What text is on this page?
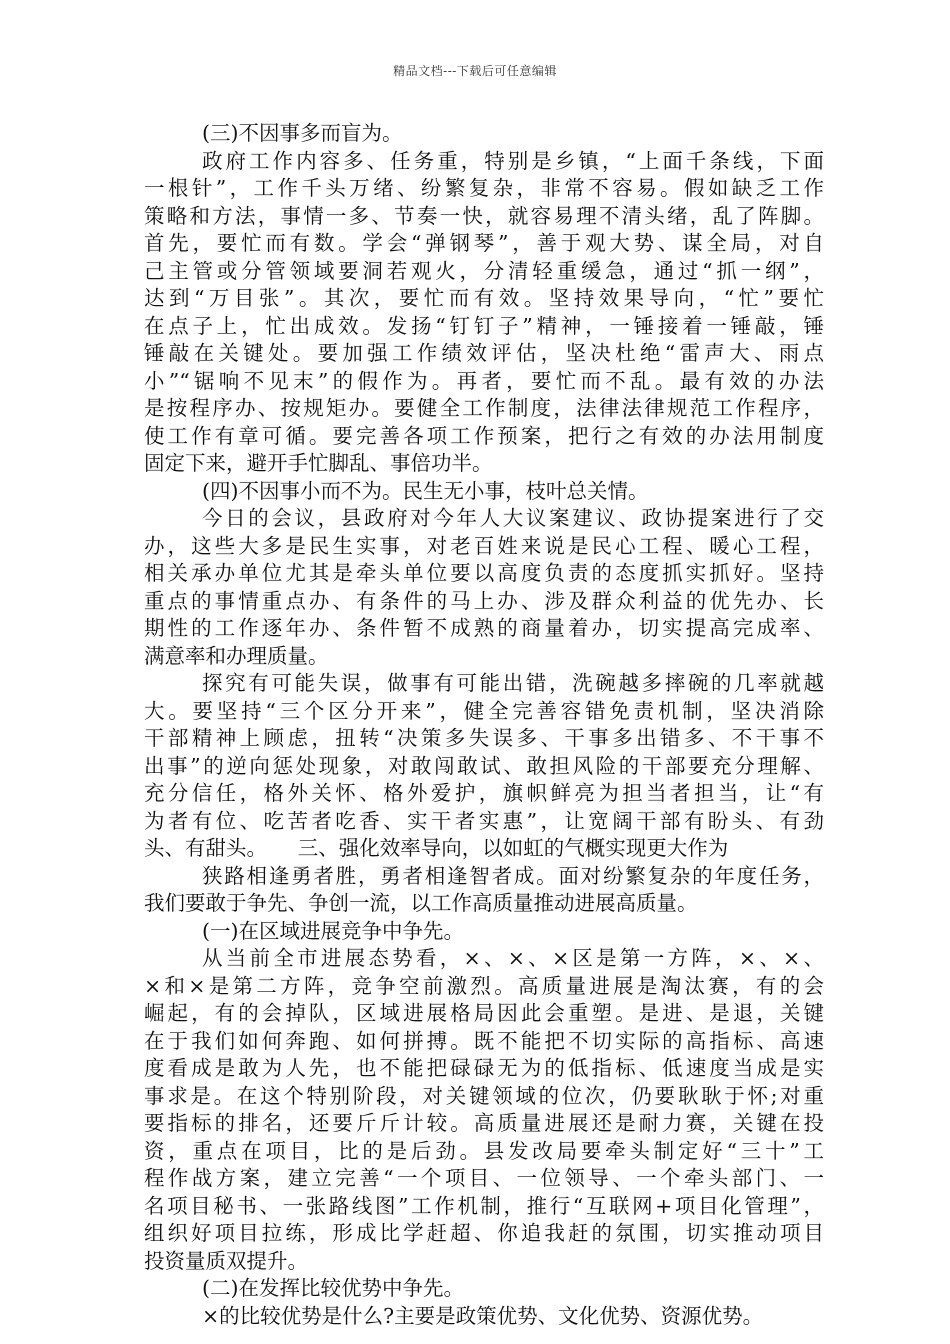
精品文档---下载后可任意编辑
(三)不因事多而盲为。
政府工作内容多、任务重，特别是乡镇，“上面千条线，下面
一根针”，工作千头万绪、纷繁复杂，非常不容易。假如缺乏工作
策略和方法，事情一多、节奏一快，就容易理不清头绪，乱了阵脚。
首先，要忙而有数。学会“弹钢琴”，善于观大势、谋全局，对自
己主管或分管领域要洞若观火，分清轻重缓急，通过“抓一纲”，
达到“万目张”。其次，要忙而有效。坚持效果导向，“忙”要忙
在点子上，忙出成效。发扬“钉钉子”精神，一锤接着一锤敲，锤
锤敲在关键处。要加强工作绩效评估，坚决杜绝“雷声大、雨点
小”“锯响不见末”的假作为。再者，要忙而不乱。最有效的办法
是按程序办、按规矩办。要健全工作制度，法律法律规范工作程序，
使工作有章可循。要完善各项工作预案，把行之有效的办法用制度
固定下来，避开手忙脚乱、事倍功半。
(四)不因事小而不为。民生无小事，枝叶总关情。
今日的会议，县政府对今年人大议案建议、政协提案进行了交
办，这些大多是民生实事，对老百姓来说是民心工程、暖心工程，
相关承办单位尤其是牵头单位要以高度负责的态度抓实抓好。坚持
重点的事情重点办、有条件的马上办、涉及群众利益的优先办、长
期性的工作逐年办、条件暂不成熟的商量着办，切实提高完成率、
满意率和办理质量。
探究有可能失误，做事有可能出错，洗碗越多摔碗的几率就越
大。要坚持“三个区分开来”，健全完善容错免责机制，坚决消除
干部精神上顾虑，扭转“决策多失误多、干事多出错多、不干事不
出事”的逆向惩处现象，对敢闯敢试、敢担风险的干部要充分理解、
充分信任，格外关怀、格外爱护，旗帜鲜亮为担当者担当，让“有
为者有位、吃苦者吃香、实干者实惠”，让宽阔干部有盼头、有劲
头、有甜头。　　三、强化效率导向，以如虹的气概实现更大作为
狭路相逢勇者胜，勇者相逢智者成。面对纷繁复杂的年度任务，
我们要敢于争先、争创一流，以工作高质量推动进展高质量。
(一)在区域进展竞争中争先。
从当前全市进展态势看，×、×、×区是第一方阵，×、×、
×和×是第二方阵，竞争空前激烈。高质量进展是淘汰赛，有的会
崛起，有的会掉队，区域进展格局因此会重塑。是进、是退，关键
在于我们如何奔跑、如何拼搏。既不能把不切实际的高指标、高速
度看成是敢为人先，也不能把碌碌无为的低指标、低速度当成是实
事求是。在这个特别阶段，对关键领域的位次，仍要耿耿于怀;对重
要指标的排名，还要斤斤计较。高质量进展还是耐力赛，关键在投
资，重点在项目，比的是后劲。县发改局要牵头制定好“三十”工
程作战方案，建立完善“一个项目、一位领导、一个牵头部门、一
名项目秘书、一张路线图”工作机制，推行“互联网+项目化管理”，
组织好项目拉练，形成比学赶超、你追我赶的氛围，切实推动项目
投资量质双提升。
(二)在发挥比较优势中争先。
×的比较优势是什么?主要是政策优势、文化优势、资源优势。
